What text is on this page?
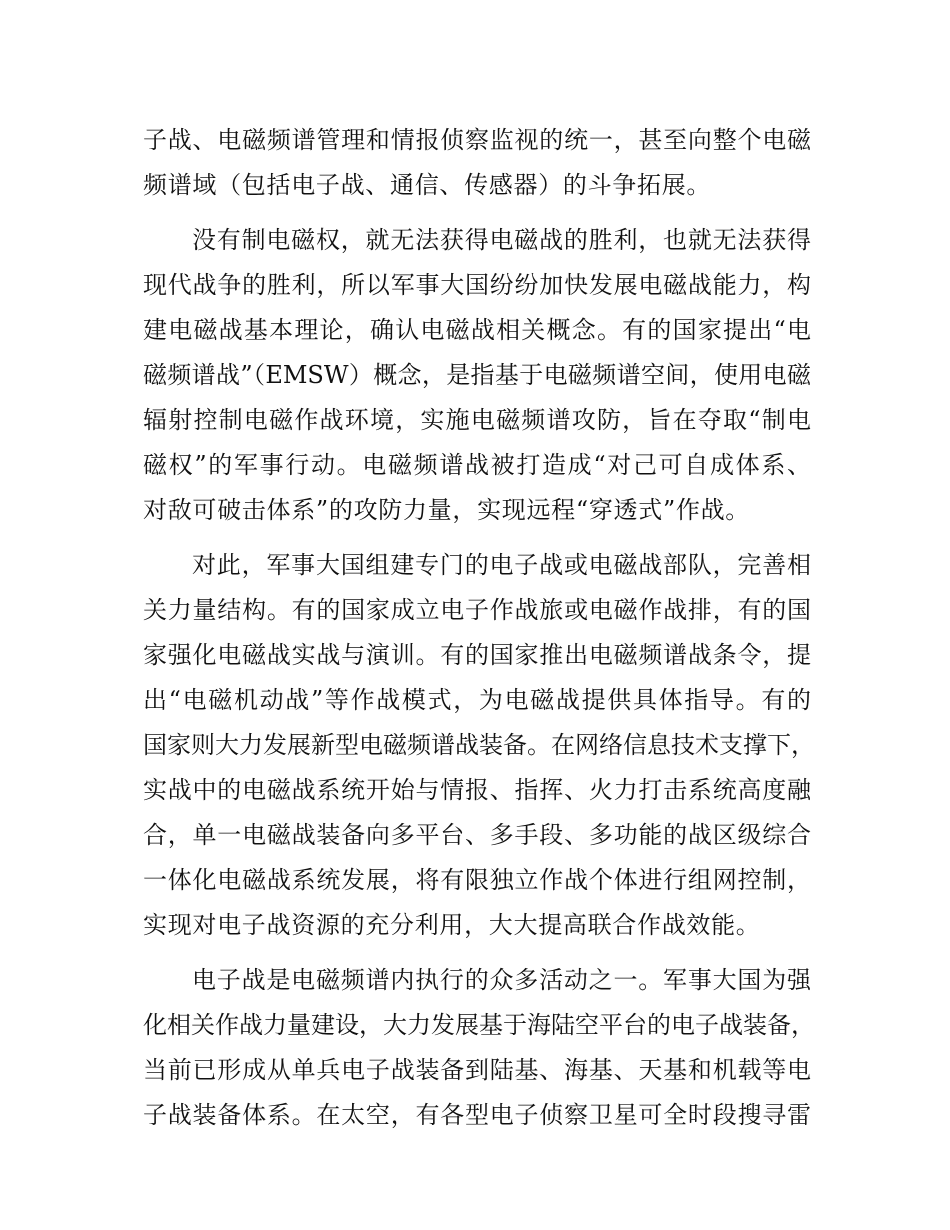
子战、电磁频谱管理和情报侦察监视的统一，甚至向整个电磁
频谱域（包括电子战、通信、传感器）的斗争拓展。
没有制电磁权，就无法获得电磁战的胜利，也就无法获得
现代战争的胜利，所以军事大国纷纷加快发展电磁战能力，构
建电磁战基本理论，确认电磁战相关概念。有的国家提出“电
磁频谱战”（EMSW）概念，是指基于电磁频谱空间，使用电磁
辐射控制电磁作战环境，实施电磁频谱攻防，旨在夺取“制电
磁权”的军事行动。电磁频谱战被打造成“对己可自成体系、
对敌可破击体系”的攻防力量，实现远程“穿透式”作战。
对此，军事大国组建专门的电子战或电磁战部队，完善相
关力量结构。有的国家成立电子作战旅或电磁作战排，有的国
家强化电磁战实战与演训。有的国家推出电磁频谱战条令，提
出“电磁机动战”等作战模式，为电磁战提供具体指导。有的
国家则大力发展新型电磁频谱战装备。在网络信息技术支撑下，
实战中的电磁战系统开始与情报、指挥、火力打击系统高度融
合，单一电磁战装备向多平台、多手段、多功能的战区级综合
一体化电磁战系统发展，将有限独立作战个体进行组网控制，
实现对电子战资源的充分利用，大大提高联合作战效能。
电子战是电磁频谱内执行的众多活动之一。军事大国为强
化相关作战力量建设，大力发展基于海陆空平台的电子战装备，
当前已形成从单兵电子战装备到陆基、海基、天基和机载等电
子战装备体系。在太空，有各型电子侦察卫星可全时段搜寻雷
